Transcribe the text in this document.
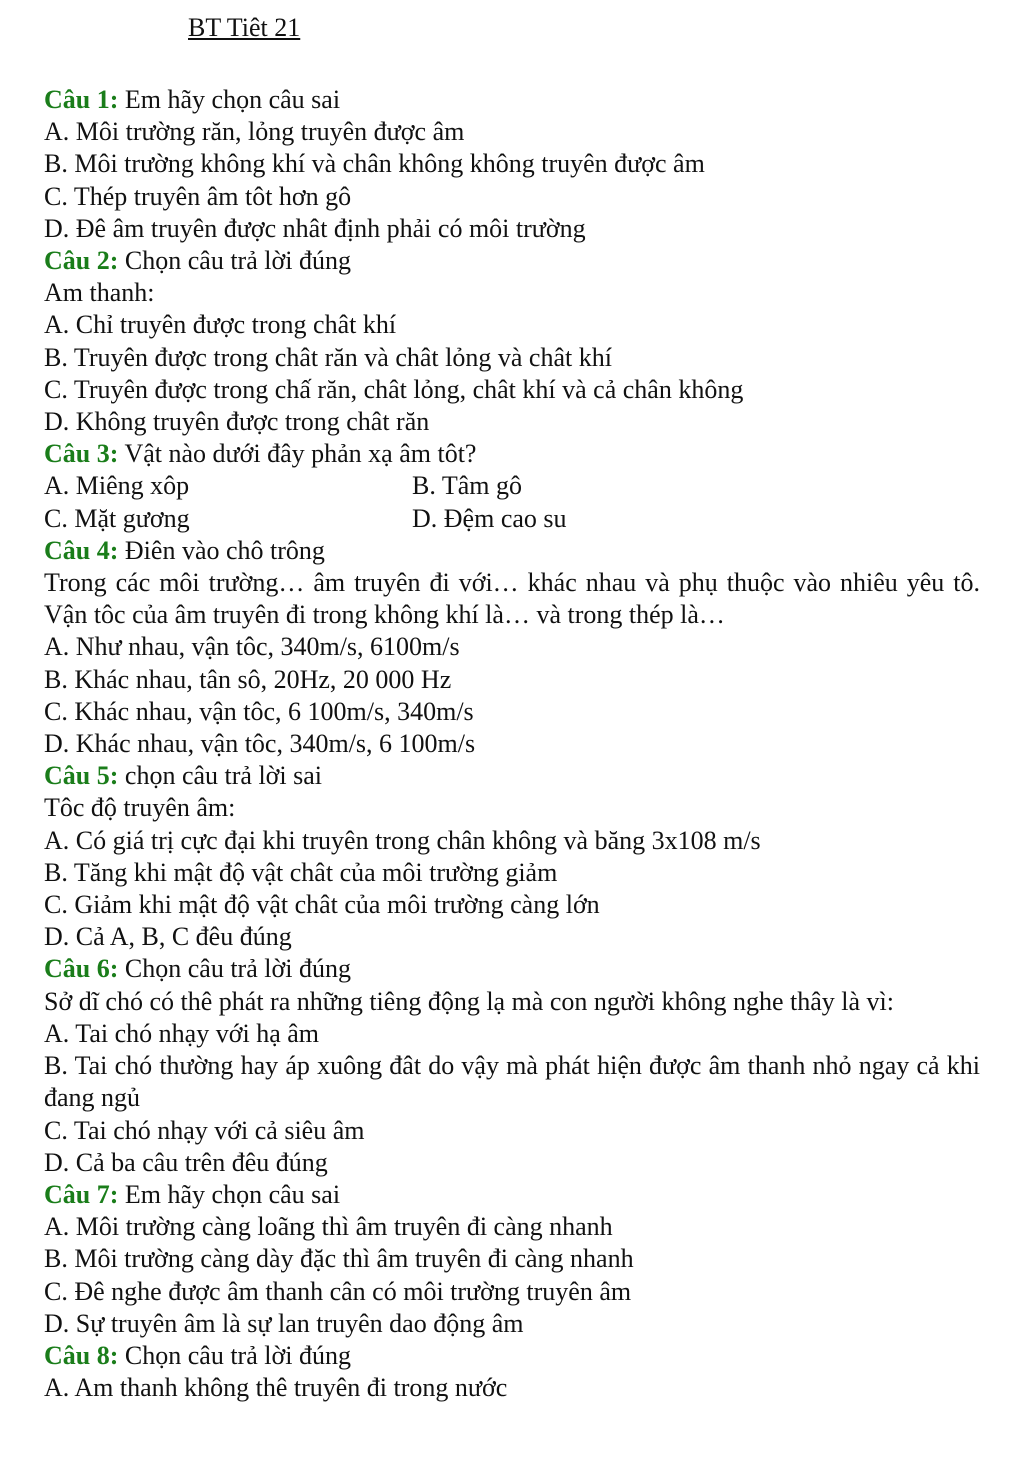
BT Tiêt 21
Câu 1: Em hãy chọn câu sai
A. Môi trường răn, lỏng truyên được âm
B. Môi trường không khí và chân không không truyên được âm
C. Thép truyên âm tôt hơn gô
D. Đê âm truyên được nhât định phải có môi trường
Câu 2: Chọn câu trả lời đúng
Am thanh:
A. Chỉ truyên được trong chât khí
B. Truyên được trong chât răn và chât lỏng và chât khí
C. Truyên được trong chấ răn, chât lỏng, chât khí và cả chân không
D. Không truyên được trong chât răn
Câu 3: Vật nào dưới đây phản xạ âm tôt?
A. Miêng xôp	B. Tâm gô
C. Mặt gương	D. Đệm cao su
Câu 4: Điên vào chô trông
Trong các môi trường… âm truyên đi với… khác nhau và phụ thuộc vào nhiêu yêu tô. Vận tôc của âm truyên đi trong không khí là… và trong thép là…
A. Như nhau, vận tôc, 340m/s, 6100m/s
B. Khác nhau, tân sô, 20Hz, 20 000 Hz
C. Khác nhau, vận tôc, 6 100m/s, 340m/s
D. Khác nhau, vận tôc, 340m/s, 6 100m/s
Câu 5: chọn câu trả lời sai
Tôc độ truyên âm:
A. Có giá trị cực đại khi truyên trong chân không và băng 3x108 m/s
B. Tăng khi mật độ vật chât của môi trường giảm
C. Giảm khi mật độ vật chât của môi trường càng lớn
D. Cả A, B, C đêu đúng
Câu 6: Chọn câu trả lời đúng
Sở dĩ chó có thê phát ra những tiêng động lạ mà con người không nghe thây là vì:
A. Tai chó nhạy với hạ âm
B. Tai chó thường hay áp xuông đât do vậy mà phát hiện được âm thanh nhỏ ngay cả khi đang ngủ
C. Tai chó nhạy với cả siêu âm
D. Cả ba câu trên đêu đúng
Câu 7: Em hãy chọn câu sai
A. Môi trường càng loãng thì âm truyên đi càng nhanh
B. Môi trường càng dày đặc thì âm truyên đi càng nhanh
C. Đê nghe được âm thanh cân có môi trường truyên âm
D. Sự truyên âm là sự lan truyên dao động âm
Câu 8: Chọn câu trả lời đúng
A. Am thanh không thê truyên đi trong nước
